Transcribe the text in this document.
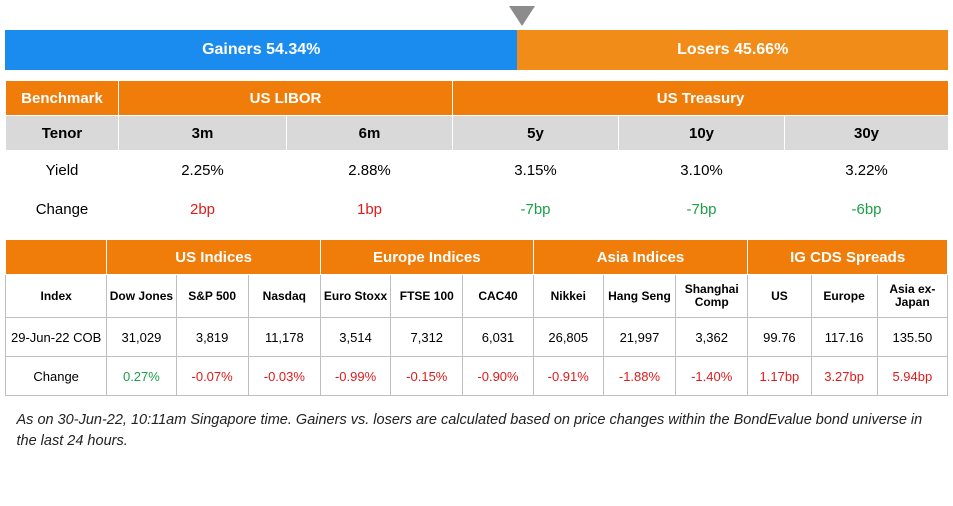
Gainers 54.34%	Losers 45.66%
Benchmark	US LIBOR		US Treasury		
Tenor	3m	6m	5y	10y	30y
Yield	2.25%	2.88%	3.15%	3.10%	3.22%
Change	2bp	1bp	-7bp	-7bp	-6bp
	US Indices			Europe Indices			Asia Indices			IG CDS Spreads		
Index	Dow Jones	S&P 500	Nasdaq	Euro Stoxx	FTSE 100	CAC40	Nikkei	Hang Seng	Shanghai Comp	US	Europe	Asia ex-Japan
29-Jun-22 COB	31,029	3,819	11,178	3,514	7,312	6,031	26,805	21,997	3,362	99.76	117.16	135.50
Change	0.27%	-0.07%	-0.03%	-0.99%	-0.15%	-0.90%	-0.91%	-1.88%	-1.40%	1.17bp	3.27bp	5.94bp
As on 30-Jun-22, 10:11am Singapore time. Gainers vs. losers are calculated based on price changes within the BondEvalue bond universe in the last 24 hours.
